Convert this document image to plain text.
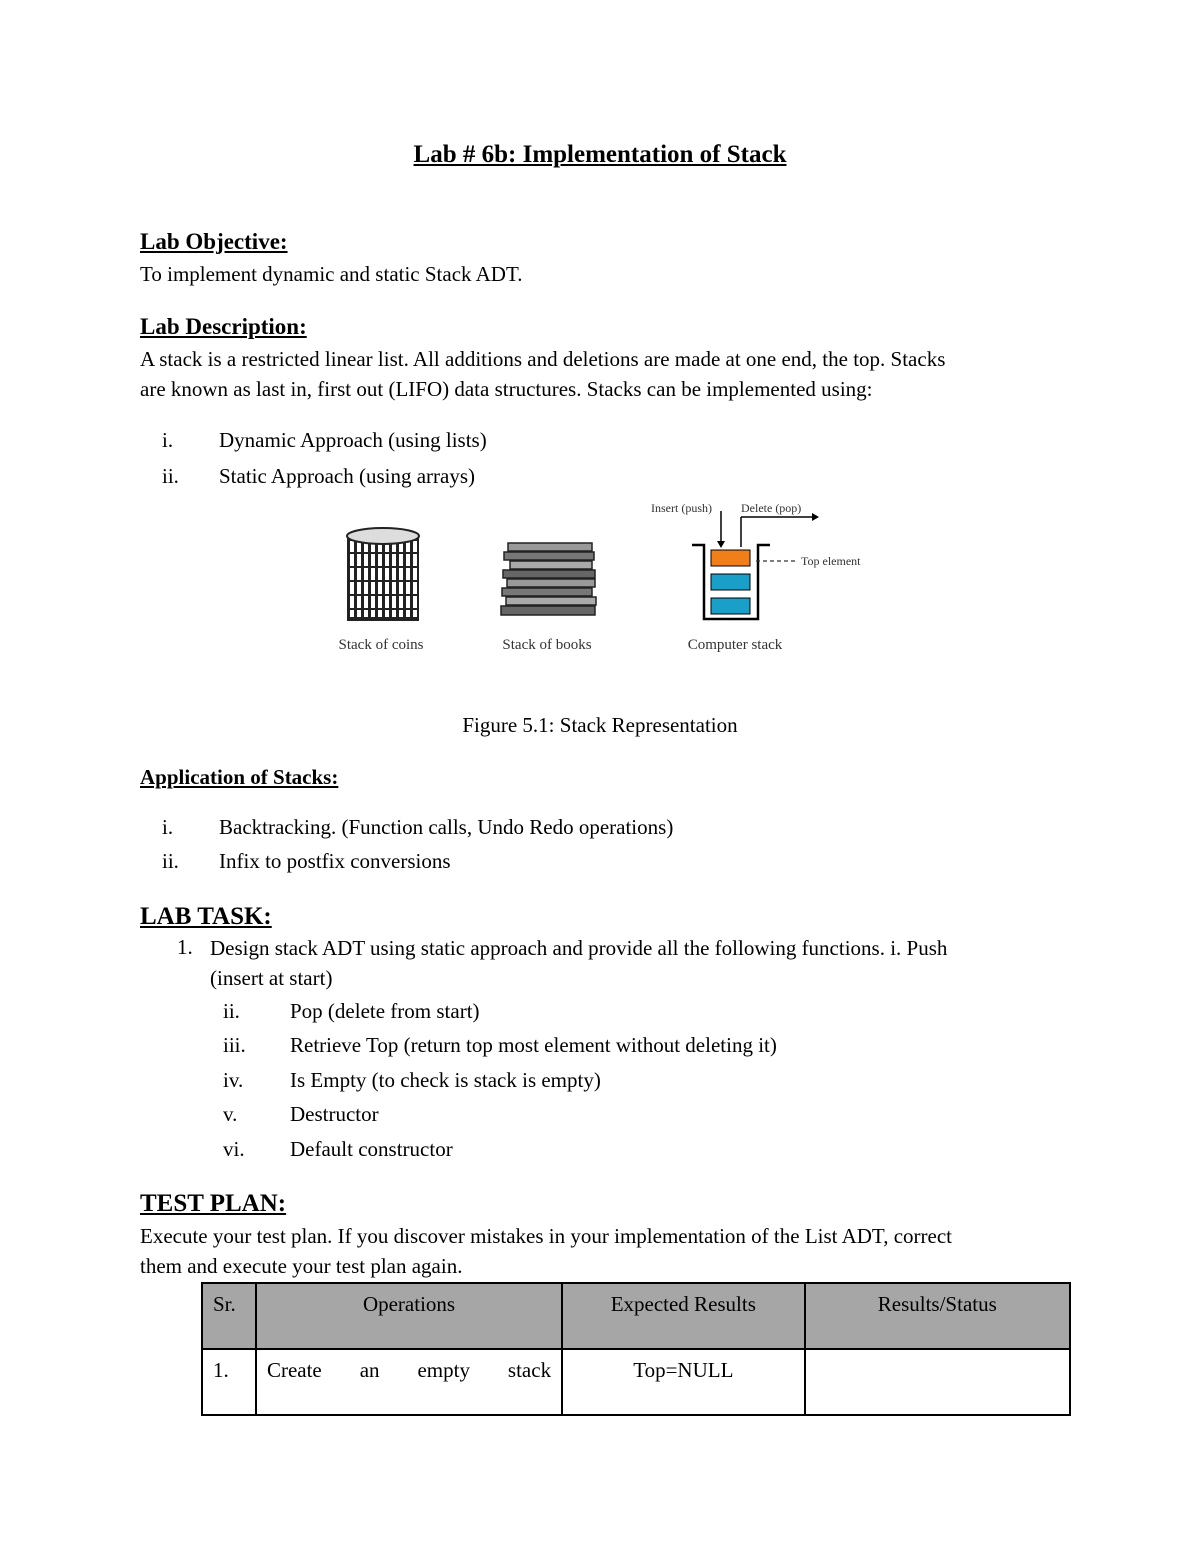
Lab # 6b: Implementation of Stack
Lab Objective:
To implement dynamic and static Stack ADT.
Lab Description:
A stack is a restricted linear list. All additions and deletions are made at one end, the top. Stacks
are known as last in, first out (LIFO) data structures. Stacks can be implemented using:
i.	Dynamic Approach (using lists)
ii.	Static Approach (using arrays)
Insert (push) Delete (pop)
Top element
Stack of coins	Stack of books	Computer stack
Figure 5.1: Stack Representation
Application of Stacks:
i.	Backtracking. (Function calls, Undo Redo operations)
ii.	Infix to postfix conversions
LAB TASK:
1. Design stack ADT using static approach and provide all the following functions. i. Push
(insert at start)
ii.	Pop (delete from start)
iii.	Retrieve Top (return top most element without deleting it)
iv.	Is Empty (to check is stack is empty)
v.	Destructor
vi.	Default constructor
TEST PLAN:
Execute your test plan. If you discover mistakes in your implementation of the List ADT, correct
them and execute your test plan again.
Sr.	Operations	Expected Results	Results/Status
1.	Create an empty stack	Top=NULL	
